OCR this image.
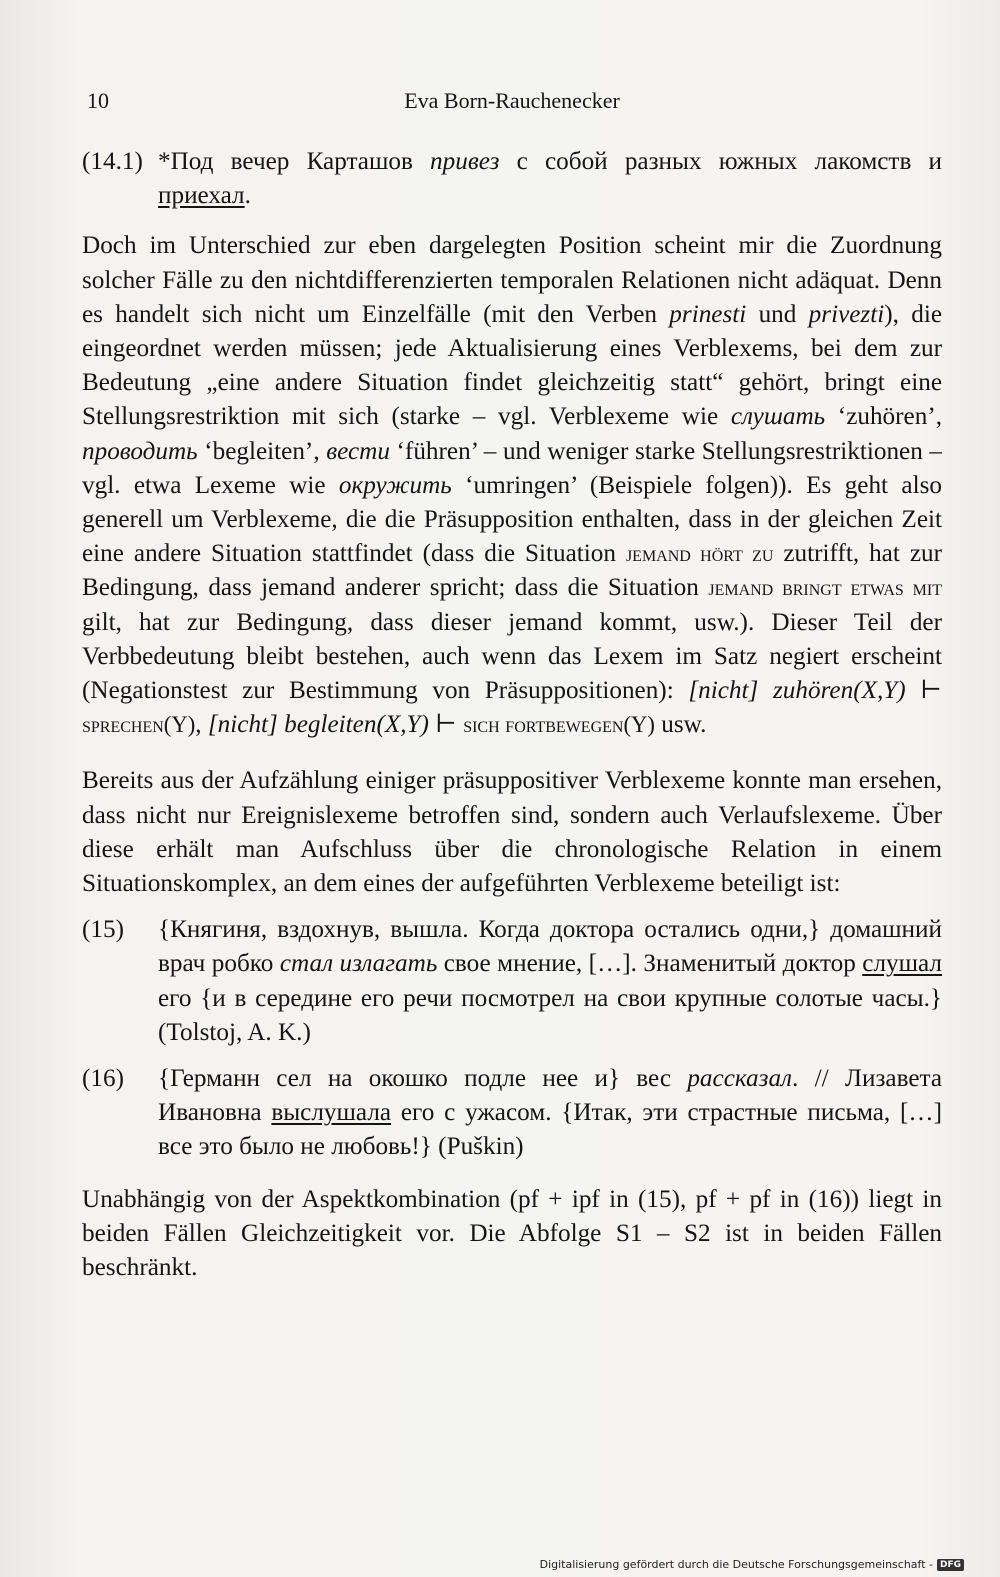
10	Eva Born-Rauchenecker
(14.1) *Под вечер Карташов привез с собой разных южных лакомств и приехал.

Doch im Unterschied zur eben dargelegten Position scheint mir die Zuordnung solcher Fälle zu den nichtdifferenzierten temporalen Relationen nicht adäquat. Denn es handelt sich nicht um Einzelfälle (mit den Verben prinesti und privezti), die eingeordnet werden müssen; jede Aktualisierung eines Verblexems, bei dem zur Bedeutung „eine andere Situation findet gleichzeitig statt“ gehört, bringt eine Stellungsrestriktion mit sich (starke – vgl. Verblexeme wie слушать ‘zuhören’, проводить ‘begleiten’, вести ‘führen’ – und weniger starke Stellungsrestriktionen – vgl. etwa Lexeme wie окружить ‘umringen’ (Beispiele folgen)). Es geht also generell um Verblexeme, die die Präsupposition enthalten, dass in der gleichen Zeit eine andere Situation stattfindet (dass die Situation jemand hört zu zutrifft, hat zur Bedingung, dass jemand anderer spricht; dass die Situation jemand bringt etwas mit gilt, hat zur Bedingung, dass dieser jemand kommt, usw.). Dieser Teil der Verbbedeutung bleibt bestehen, auch wenn das Lexem im Satz negiert erscheint (Negationstest zur Bestimmung von Präsuppositionen): [nicht] zuhören(X,Y) ⊢ sprechen(Y), [nicht] begleiten(X,Y) ⊢ sich fortbewegen(Y) usw.

Bereits aus der Aufzählung einiger präsuppositiver Verblexeme konnte man ersehen, dass nicht nur Ereignislexeme betroffen sind, sondern auch Verlaufslexeme. Über diese erhält man Aufschluss über die chronologische Relation in einem Situationskomplex, an dem eines der aufgeführten Verblexeme beteiligt ist:

(15) {Княгиня, вздохнув, вышла. Когда доктора остались одни,} домашний врач робко стал излагать свое мнение, […]. Знаменитый доктор слушал его {и в середине его речи посмотрел на свои крупные солотые часы.} (Tolstoj, A. K.)
(16) {Германн сел на окошко подле нее и} вес рассказал. // Лизавета Ивановна выслушала его с ужасом. {Итак, эти страстные письма, […] все это было не любовь!} (Puškin)

Unabhängig von der Aspektkombination (pf + ipf in (15), pf + pf in (16)) liegt in beiden Fällen Gleichzeitigkeit vor. Die Abfolge S1 – S2 ist in beiden Fällen beschränkt.

Digitalisierung gefördert durch die Deutsche Forschungsgemeinschaft - DFG
